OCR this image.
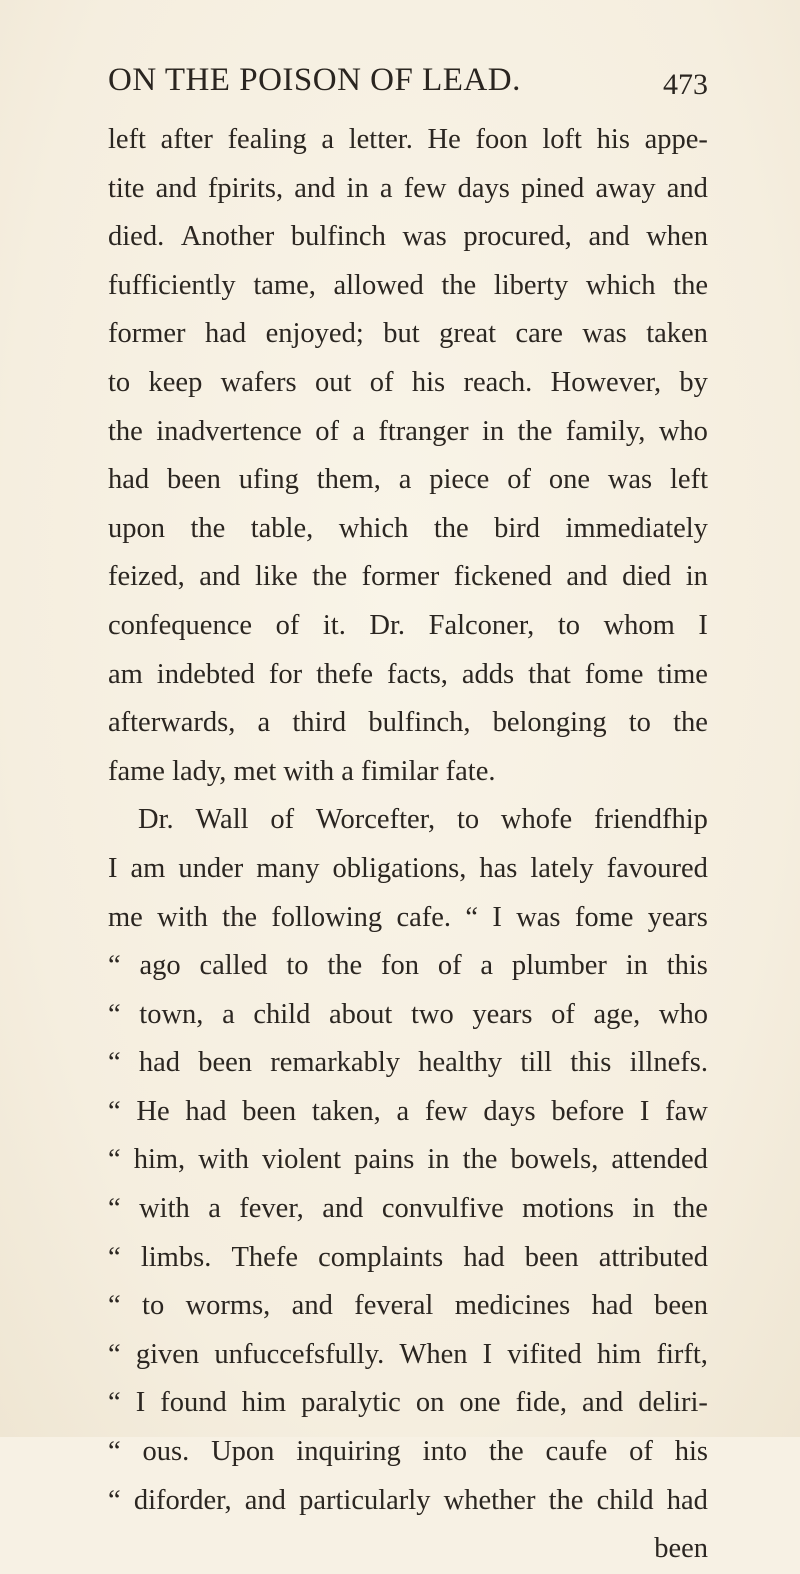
ON THE POISON OF LEAD.	473
left after fealing a letter. He foon loft his appe-
tite and fpirits, and in a few days pined away and
died. Another bulfinch was procured, and when
fufficiently tame, allowed the liberty which the
former had enjoyed; but great care was taken
to keep wafers out of his reach. However, by
the inadvertence of a ftranger in the family, who
had been ufing them, a piece of one was left
upon the table, which the bird immediately
feized, and like the former fickened and died in
confequence of it. Dr. Falconer, to whom I
am indebted for thefe facts, adds that fome time
afterwards, a third bulfinch, belonging to the
fame lady, met with a fimilar fate.
Dr. Wall of Worcefter, to whofe friendfhip
I am under many obligations, has lately favoured
me with the following cafe. “ I was fome years
“ ago called to the fon of a plumber in this
“ town, a child about two years of age, who
“ had been remarkably healthy till this illnefs.
“ He had been taken, a few days before I faw
“ him, with violent pains in the bowels, attended
“ with a fever, and convulfive motions in the
“ limbs. Thefe complaints had been attributed
“ to worms, and feveral medicines had been
“ given unfuccefsfully. When I vifited him firft,
“ I found him paralytic on one fide, and deliri-
“ ous. Upon inquiring into the caufe of his
“ diforder, and particularly whether the child had
been
